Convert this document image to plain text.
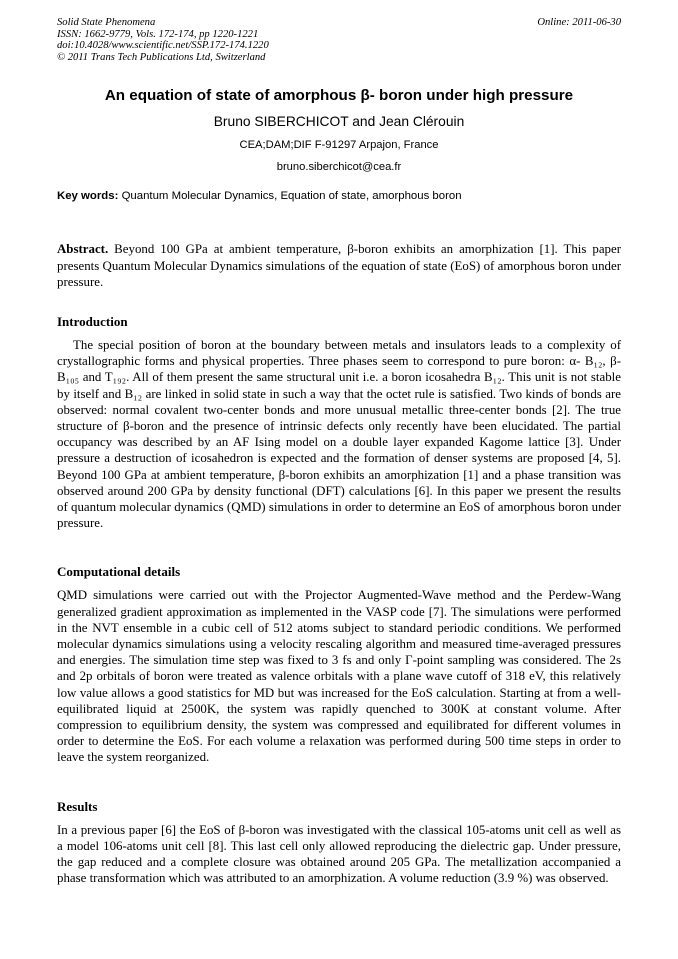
Solid State Phenomena
ISSN: 1662-9779, Vols. 172-174, pp 1220-1221
doi:10.4028/www.scientific.net/SSP.172-174.1220
© 2011 Trans Tech Publications Ltd, Switzerland
Online: 2011-06-30
An equation of state of amorphous β- boron under high pressure
Bruno SIBERCHICOT and Jean Clérouin
CEA;DAM;DIF F-91297 Arpajon, France
bruno.siberchicot@cea.fr

Key words: Quantum Molecular Dynamics, Equation of state, amorphous boron

Abstract. Beyond 100 GPa at ambient temperature, β-boron exhibits an amorphization [1]. This paper presents Quantum Molecular Dynamics simulations of the equation of state (EoS) of amorphous boron under pressure.

Introduction

The special position of boron at the boundary between metals and insulators leads to a complexity of crystallographic forms and physical properties. Three phases seem to correspond to pure boron: α- B₁₂, β-B₁₀₅ and T₁₉₂. All of them present the same structural unit i.e. a boron icosahedra B₁₂. This unit is not stable by itself and B₁₂ are linked in solid state in such a way that the octet rule is satisfied. Two kinds of bonds are observed: normal covalent two-center bonds and more unusual metallic three-center bonds [2]. The true structure of β-boron and the presence of intrinsic defects only recently have been elucidated. The partial occupancy was described by an AF Ising model on a double layer expanded Kagome lattice [3]. Under pressure a destruction of icosahedron is expected and the formation of denser systems are proposed [4, 5]. Beyond 100 GPa at ambient temperature, β-boron exhibits an amorphization [1] and a phase transition was observed around 200 GPa by density functional (DFT) calculations [6]. In this paper we present the results of quantum molecular dynamics (QMD) simulations in order to determine an EoS of amorphous boron under pressure.

Computational details

QMD simulations were carried out with the Projector Augmented-Wave method and the Perdew-Wang generalized gradient approximation as implemented in the VASP code [7]. The simulations were performed in the NVT ensemble in a cubic cell of 512 atoms subject to standard periodic conditions. We performed molecular dynamics simulations using a velocity rescaling algorithm and measured time-averaged pressures and energies. The simulation time step was fixed to 3 fs and only Γ-point sampling was considered. The 2s and 2p orbitals of boron were treated as valence orbitals with a plane wave cutoff of 318 eV, this relatively low value allows a good statistics for MD but was increased for the EoS calculation. Starting at from a well-equilibrated liquid at 2500K, the system was rapidly quenched to 300K at constant volume. After compression to equilibrium density, the system was compressed and equilibrated for different volumes in order to determine the EoS. For each volume a relaxation was performed during 500 time steps in order to leave the system reorganized.

Results

In a previous paper [6] the EoS of β-boron was investigated with the classical 105-atoms unit cell as well as a model 106-atoms unit cell [8]. This last cell only allowed reproducing the dielectric gap. Under pressure, the gap reduced and a complete closure was obtained around 205 GPa. The metallization accompanied a phase transformation which was attributed to an amorphization. A volume reduction (3.9 %) was observed.
